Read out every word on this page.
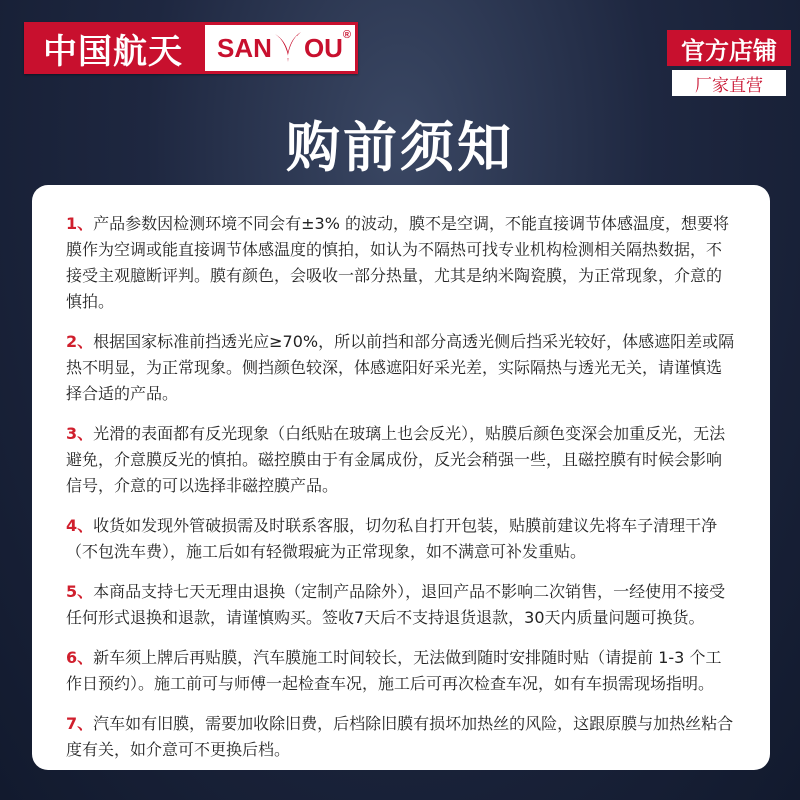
中国航天	SAN OU ®
官方店铺
厂家直营
购前须知

1、产品参数因检测环境不同会有±3% 的波动，膜不是空调，不能直接调节体感温度，想要将膜作为空调或能直接调节体感温度的慎拍，如认为不隔热可找专业机构检测相关隔热数据，不接受主观臆断评判。膜有颜色，会吸收一部分热量，尤其是纳米陶瓷膜，为正常现象，介意的慎拍。

2、根据国家标准前挡透光应≥70%，所以前挡和部分高透光侧后挡采光较好，体感遮阳差或隔热不明显，为正常现象。侧挡颜色较深，体感遮阳好采光差，实际隔热与透光无关，请谨慎选择合适的产品。

3、光滑的表面都有反光现象（白纸贴在玻璃上也会反光），贴膜后颜色变深会加重反光，无法避免，介意膜反光的慎拍。磁控膜由于有金属成份，反光会稍强一些，且磁控膜有时候会影响信号，介意的可以选择非磁控膜产品。

4、收货如发现外管破损需及时联系客服，切勿私自打开包装，贴膜前建议先将车子清理干净（不包洗车费），施工后如有轻微瑕疵为正常现象，如不满意可补发重贴。

5、本商品支持七天无理由退换（定制产品除外），退回产品不影响二次销售，一经使用不接受任何形式退换和退款，请谨慎购买。签收7天后不支持退货退款，30天内质量问题可换货。

6、新车须上牌后再贴膜，汽车膜施工时间较长，无法做到随时安排随时贴（请提前 1-3 个工作日预约）。施工前可与师傅一起检查车况，施工后可再次检查车况，如有车损需现场指明。

7、汽车如有旧膜，需要加收除旧费，后档除旧膜有损坏加热丝的风险，这跟原膜与加热丝粘合度有关，如介意可不更换后档。
